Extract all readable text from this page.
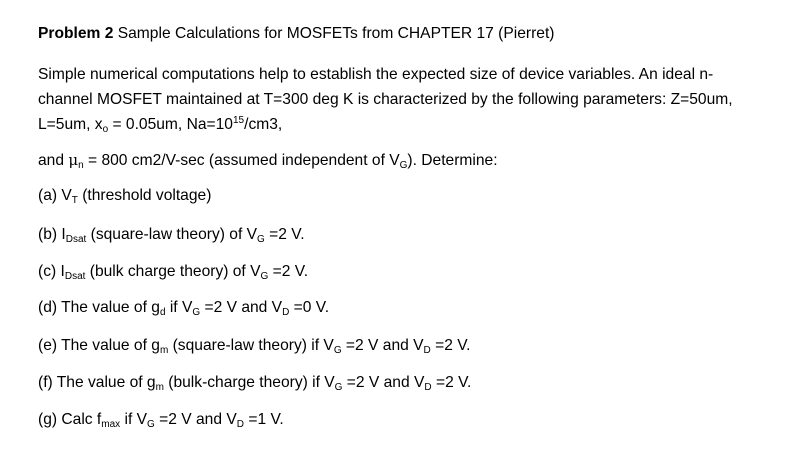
Problem 2 Sample Calculations for MOSFETs from CHAPTER 17 (Pierret)
Simple numerical computations help to establish the expected size of device variables. An ideal n-
channel MOSFET maintained at T=300 deg K is characterized by the following parameters: Z=50um,
L=5um, $x_o = 0.05um$, $Na=10^{15}/cm3$,
and $\mu_n = 800$ cm2/V-sec (assumed independent of $V_G$). Determine:
(a) $V_T$ (threshold voltage)
(b) $I_{Dsat}$ (square-law theory) of $V_G =2$ V.
(c) $I_{Dsat}$ (bulk charge theory) of $V_G =2$ V.
(d) The value of $g_d$ if $V_G =2$ V and $V_D =0$ V.
(e) The value of $g_m$ (square-law theory) if $V_G =2$ V and $V_D =2$ V.
(f) The value of $g_m$ (bulk-charge theory) if $V_G =2$ V and $V_D =2$ V.
(g) Calc $f_{max}$ if $V_G =2$ V and $V_D =1$ V.
